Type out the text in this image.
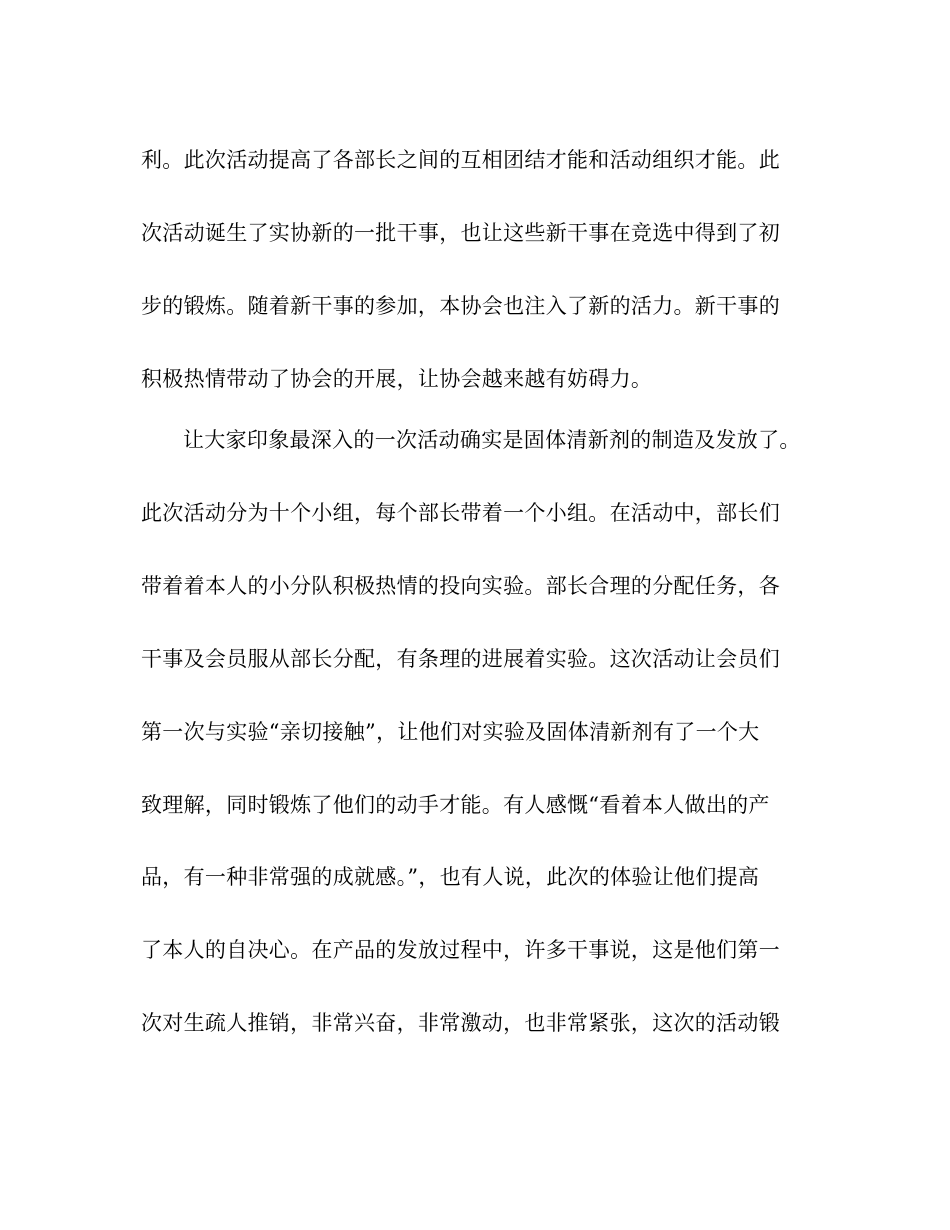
利。此次活动提高了各部长之间的互相团结才能和活动组织才能。此
次活动诞生了实协新的一批干事，也让这些新干事在竞选中得到了初
步的锻炼。随着新干事的参加，本协会也注入了新的活力。新干事的
积极热情带动了协会的开展，让协会越来越有妨碍力。
让大家印象最深入的一次活动确实是固体清新剂的制造及发放了。
此次活动分为十个小组，每个部长带着一个小组。在活动中，部长们
带着着本人的小分队积极热情的投向实验。部长合理的分配任务，各
干事及会员服从部长分配，有条理的进展着实验。这次活动让会员们
第一次与实验“亲切接触”，让他们对实验及固体清新剂有了一个大
致理解，同时锻炼了他们的动手才能。有人感慨“看着本人做出的产
品，有一种非常强的成就感。”，也有人说，此次的体验让他们提高
了本人的自决心。在产品的发放过程中，许多干事说，这是他们第一
次对生疏人推销，非常兴奋，非常激动，也非常紧张，这次的活动锻
